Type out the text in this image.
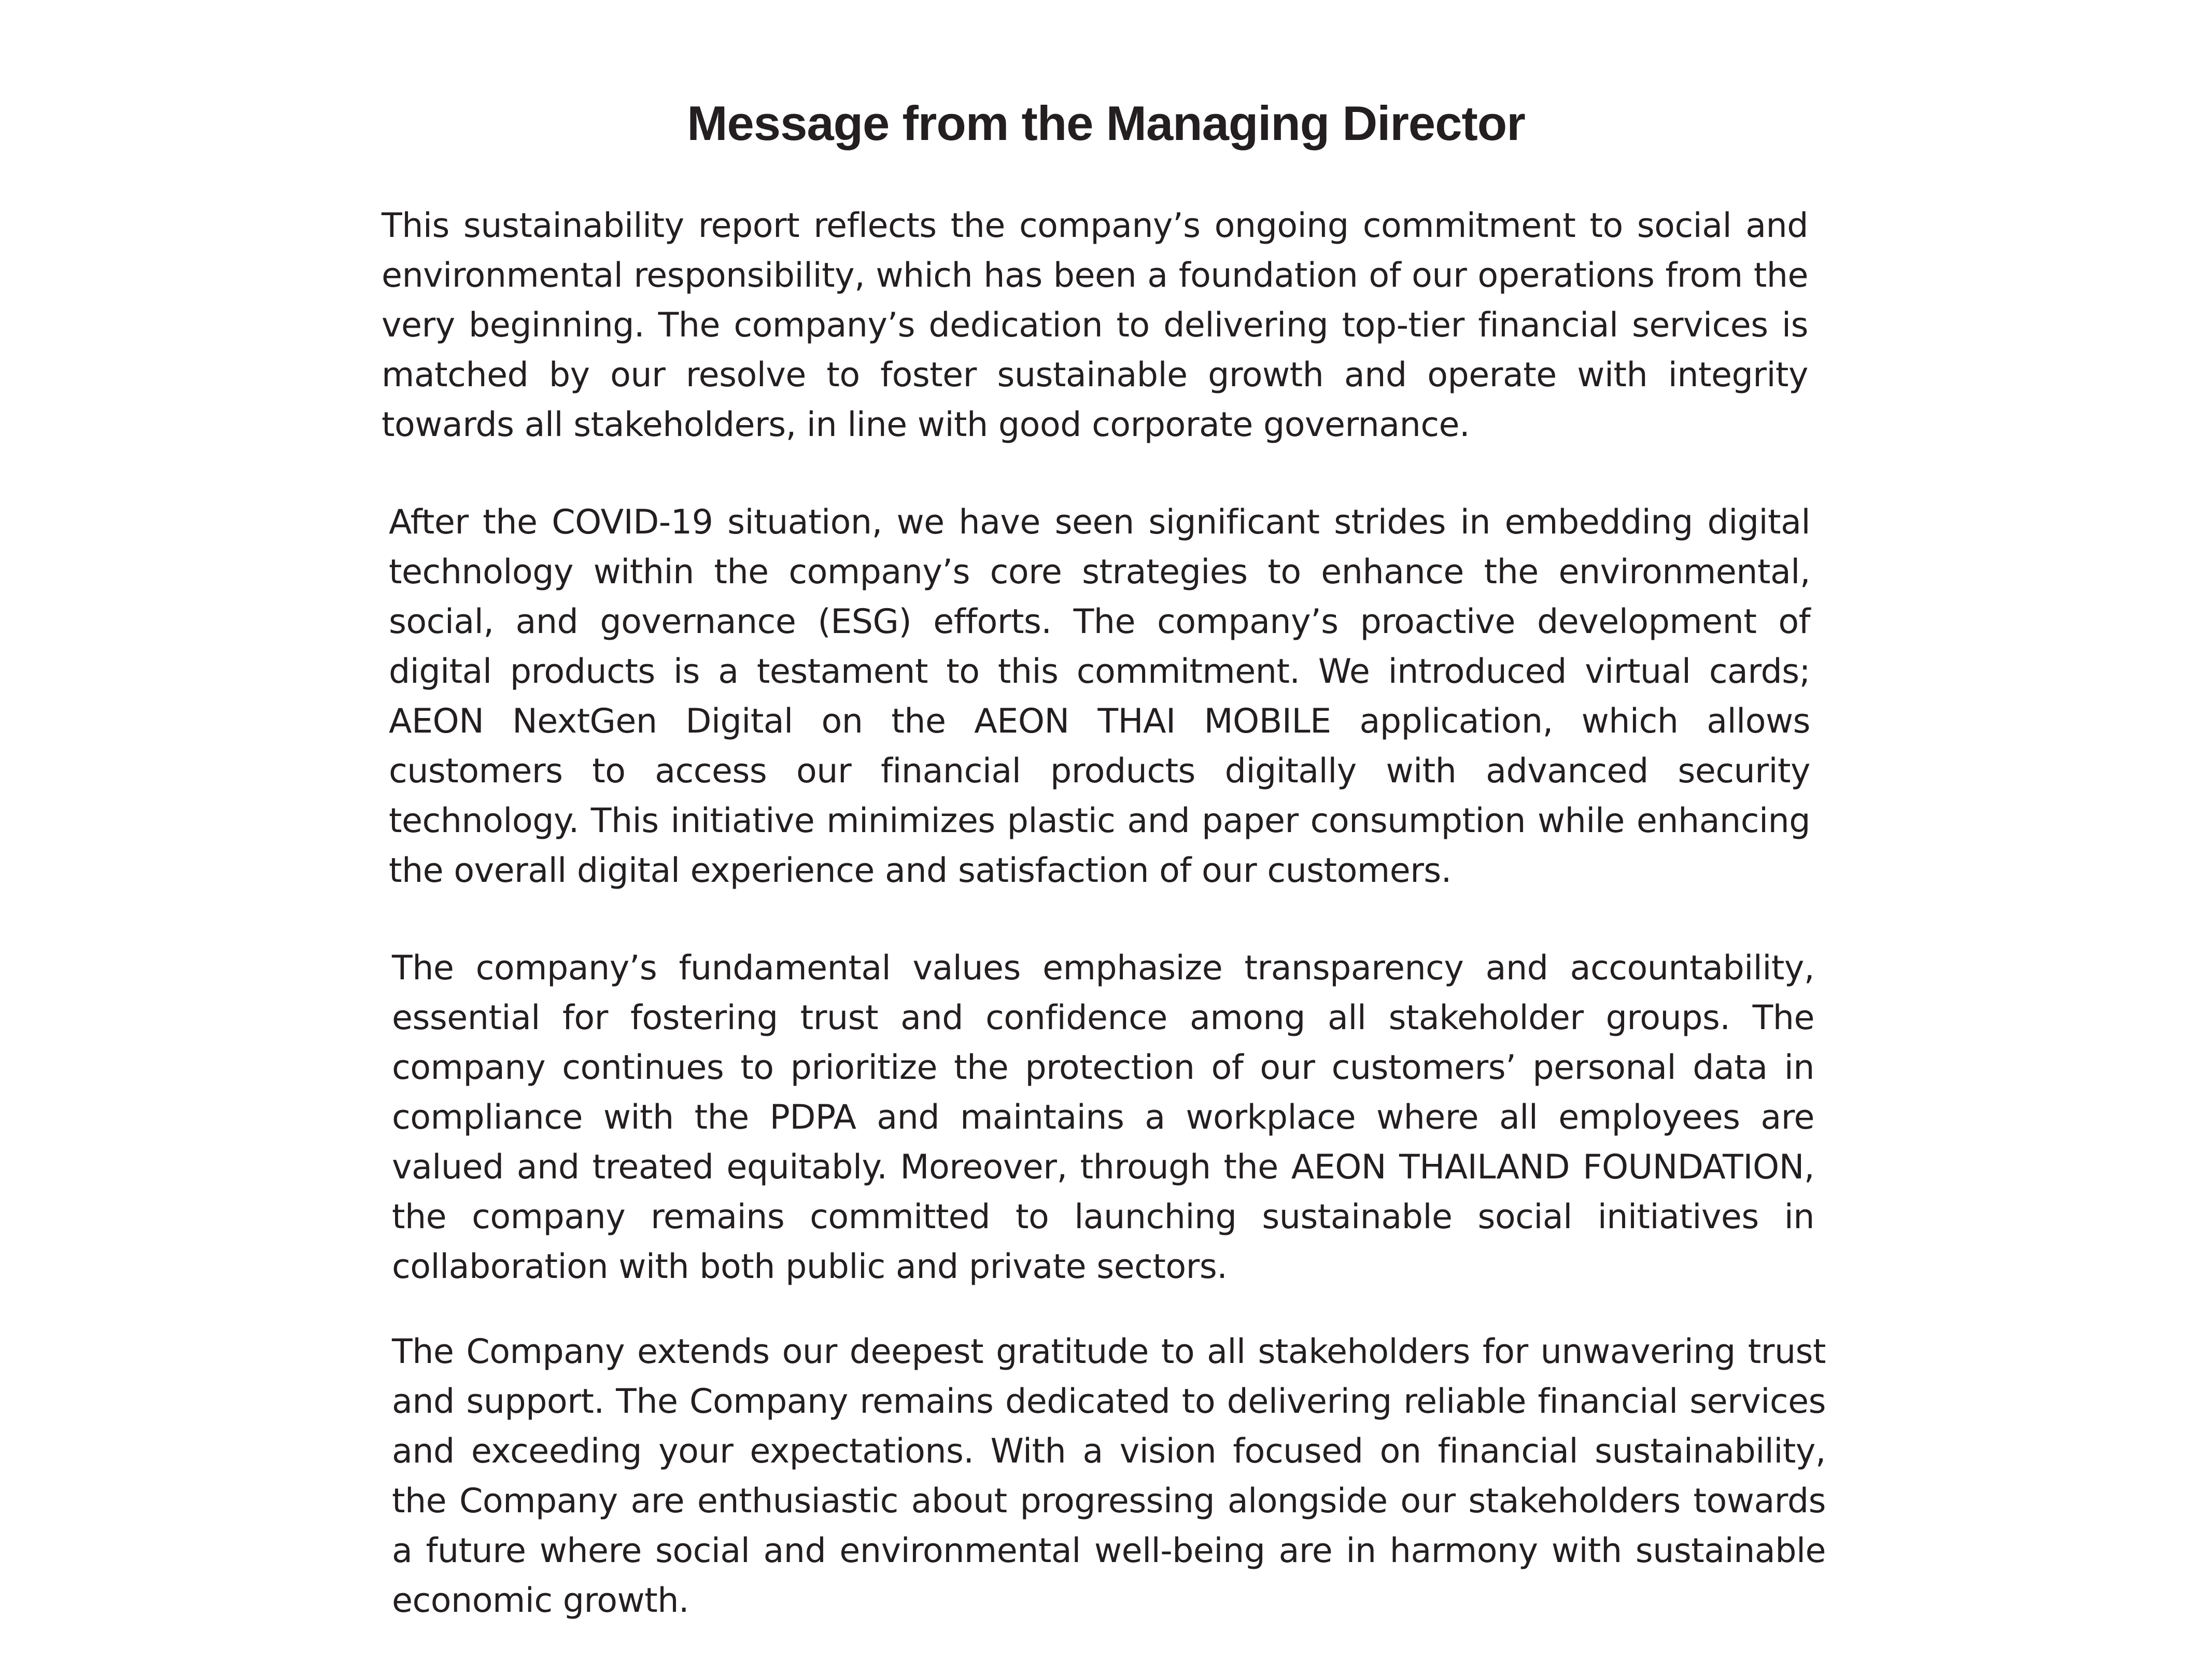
Message from the Managing Director

This sustainability report reflects the company’s ongoing commitment to social and environmental responsibility, which has been a foundation of our operations from the very beginning. The company’s dedication to delivering top-tier financial services is matched by our resolve to foster sustainable growth and operate with integrity towards all stakeholders, in line with good corporate governance.

After the COVID-19 situation, we have seen significant strides in embedding digital technology within the company’s core strategies to enhance the environmental, social, and governance (ESG) efforts. The company’s proactive development of digital products is a testament to this commitment. We introduced virtual cards; AEON NextGen Digital on the AEON THAI MOBILE application, which allows customers to access our financial products digitally with advanced security technology. This initiative minimizes plastic and paper consumption while enhancing the overall digital experience and satisfaction of our customers.

The company’s fundamental values emphasize transparency and accountability, essential for fostering trust and confidence among all stakeholder groups. The company continues to prioritize the protection of our customers’ personal data in compliance with the PDPA and maintains a workplace where all employees are valued and treated equitably. Moreover, through the AEON THAILAND FOUNDATION, the company remains committed to launching sustainable social initiatives in collaboration with both public and private sectors.

The Company extends our deepest gratitude to all stakeholders for unwavering trust and support. The Company remains dedicated to delivering reliable financial services and exceeding your expectations. With a vision focused on financial sustainability, the Company are enthusiastic about progressing alongside our stakeholders towards a future where social and environmental well-being are in harmony with sustainable economic growth.
